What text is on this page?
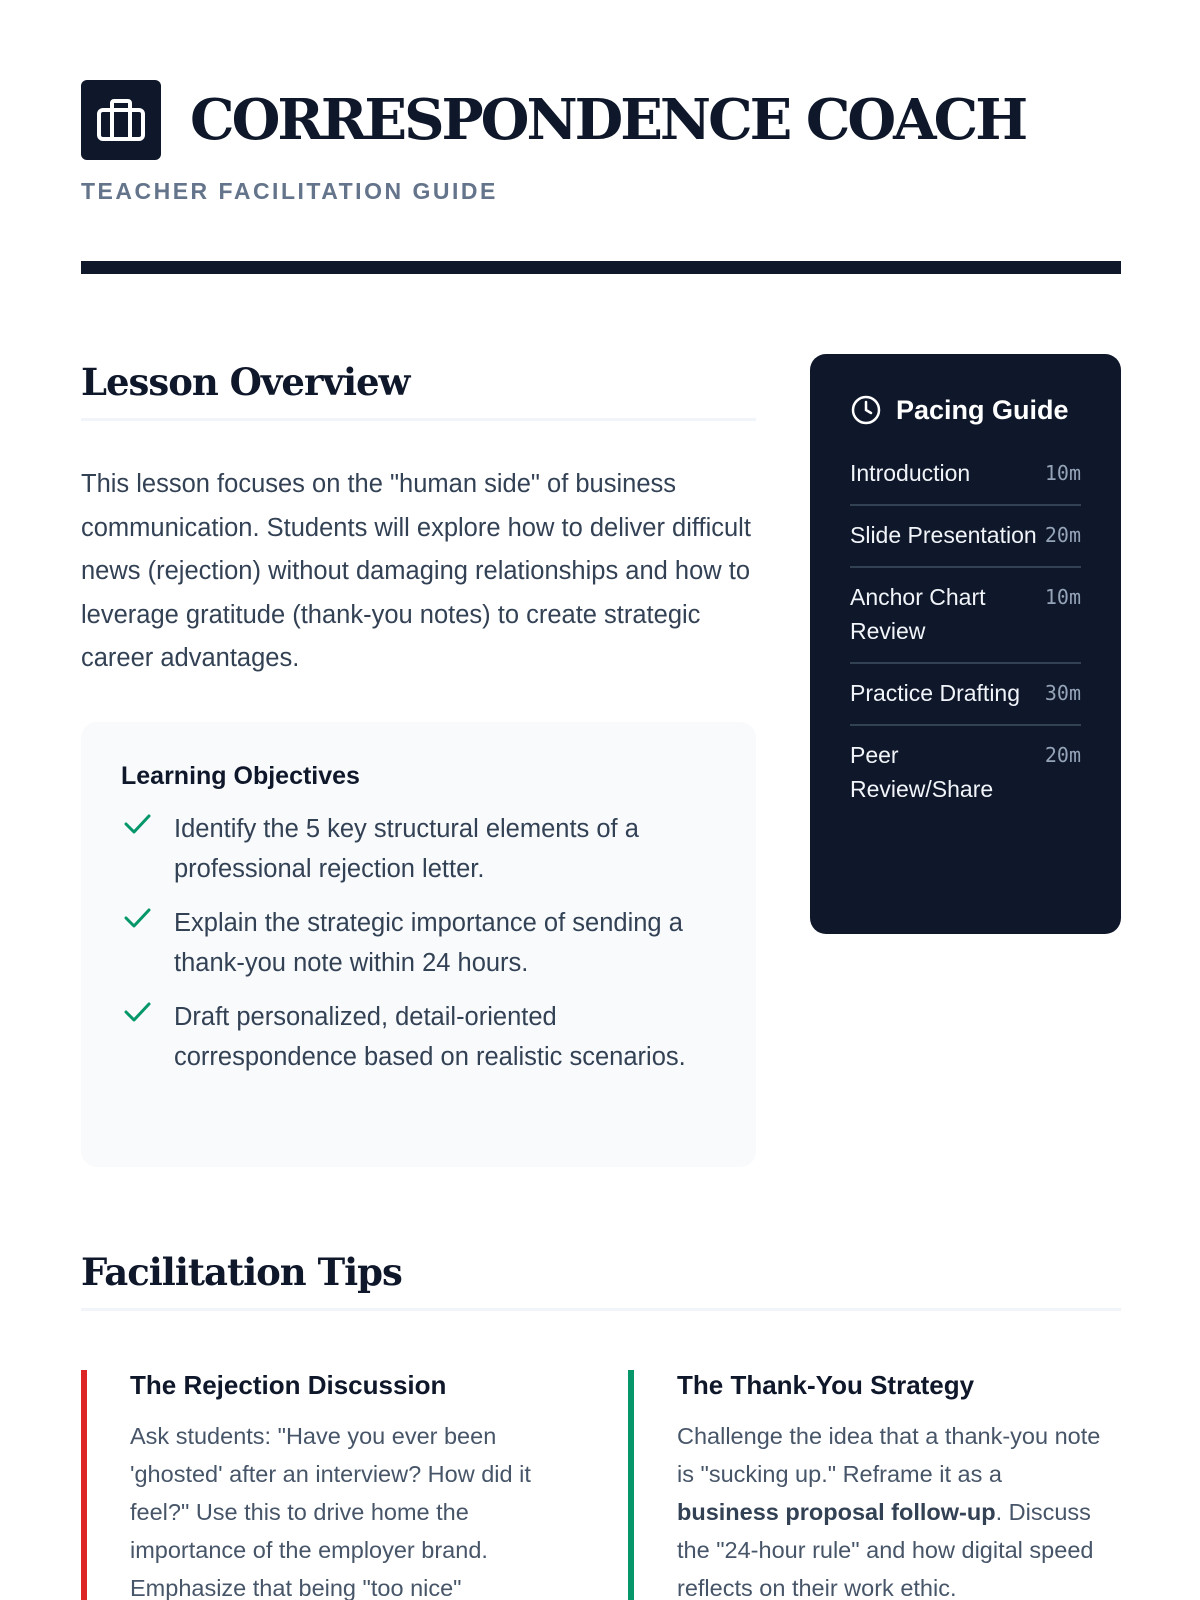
CORRESPONDENCE COACH
TEACHER FACILITATION GUIDE
Lesson Overview

This lesson focuses on the "human side" of business communication. Students will explore how to deliver difficult news (rejection) without damaging relationships and how to leverage gratitude (thank-you notes) to create strategic career advantages.

Learning Objectives
Identify the 5 key structural elements of a professional rejection letter.
Explain the strategic importance of sending a thank-you note within 24 hours.
Draft personalized, detail-oriented correspondence based on realistic scenarios.
Pacing Guide
Introduction	10m
Slide Presentation 20m
Anchor Chart Review
10m
Practice Drafting 30m
Peer Review/Share
20m
Facilitation Tips
The Rejection Discussion

Ask students: "Have you ever been 'ghosted' after an interview? How did it feel?" Use this to drive home the importance of the employer brand. Emphasize that being "too nice"

The Thank-You Strategy

Challenge the idea that a thank-you note is "sucking up." Reframe it as a business proposal follow-up. Discuss the "24-hour rule" and how digital speed reflects on their work ethic.
